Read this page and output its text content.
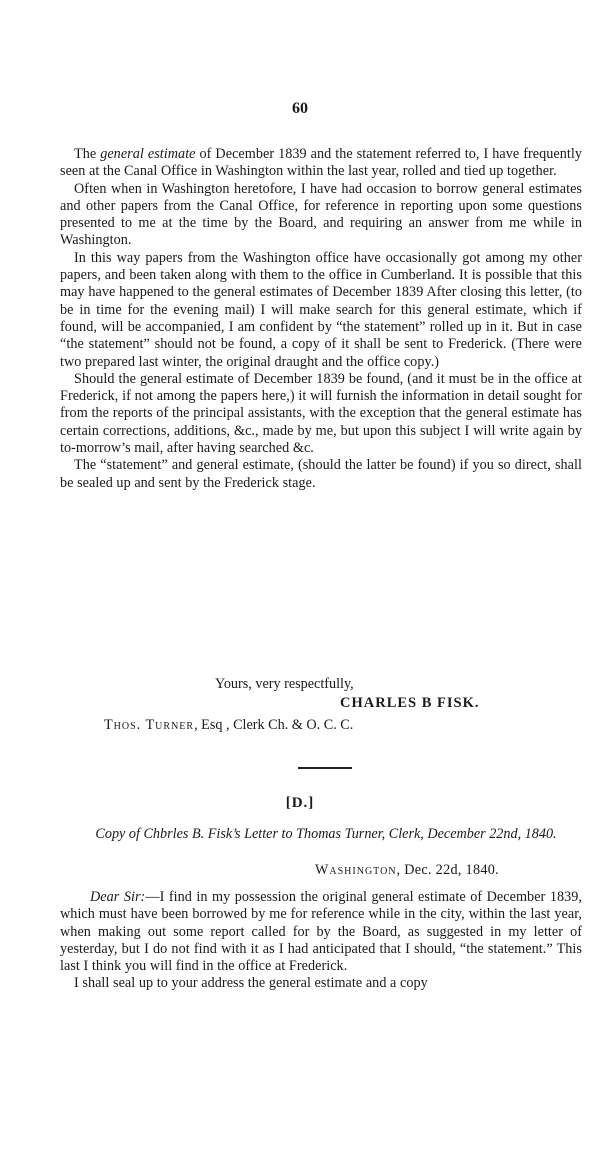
60

The general estimate of December 1839 and the statement referred to, I have frequently seen at the Canal Office in Washington within the last year, rolled and tied up together.

Often when in Washington heretofore, I have had occasion to borrow general estimates and other papers from the Canal Office, for reference in reporting upon some questions presented to me at the time by the Board, and requiring an answer from me while in Washington.

In this way papers from the Washington office have occasionally got among my other papers, and been taken along with them to the office in Cumberland. It is possible that this may have happened to the general estimates of December 1839 After closing this letter, (to be in time for the evening mail) I will make search for this general estimate, which if found, will be accompanied, I am confident by “the statement” rolled up in it. But in case “the statement” should not be found, a copy of it shall be sent to Frederick. (There were two prepared last winter, the original draught and the office copy.)

Should the general estimate of December 1839 be found, (and it must be in the office at Frederick, if not among the papers here,) it will furnish the information in detail sought for from the reports of the principal assistants, with the exception that the general estimate has certain corrections, additions, &c., made by me, but upon this subject I will write again by to-morrow’s mail, after having searched &c.

The “statement” and general estimate, (should the latter be found) if you so direct, shall be sealed up and sent by the Frederick stage.

Yours, very respectfully,
CHARLES B FISK.
Thos. Turner, Esq , Clerk Ch. & O. C. C.
[D.]
Copy of Chbrles B. Fisk’s Letter to Thomas Turner, Clerk, December 22nd, 1840.
Washington, Dec. 22d, 1840.

Dear Sir:—I find in my possession the original general estimate of December 1839, which must have been borrowed by me for reference while in the city, within the last year, when making out some report called for by the Board, as suggested in my letter of yesterday, but I do not find with it as I had anticipated that I should, “the statement.” This last I think you will find in the office at Frederick.

I shall seal up to your address the general estimate and a copy
